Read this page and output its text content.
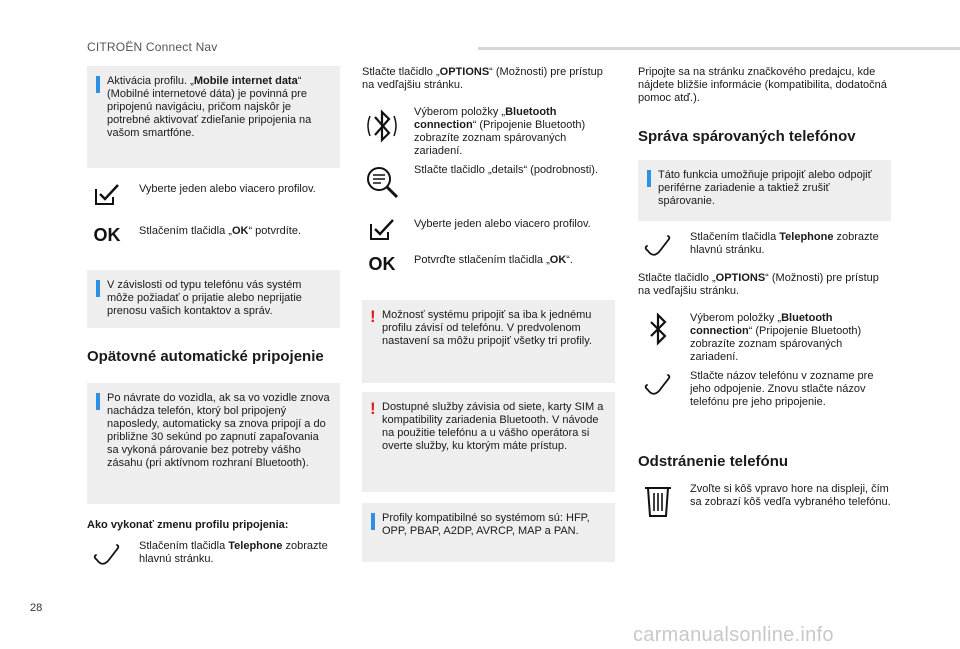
CITROËN Connect Nav
Aktivácia profilu. „Mobile internet data“ (Mobilné internetové dáta) je povinná pre pripojenú navigáciu, pričom najskôr je potrebné aktivovať zdieľanie pripojenia na vašom smartfóne.
Vyberte jeden alebo viacero profilov.
OK Stlačením tlačidla „OK“ potvrdíte.
V závislosti od typu telefónu vás systém môže požiadať o prijatie alebo neprijatie prenosu vašich kontaktov a správ.
Opätovné automatické pripojenie
Po návrate do vozidla, ak sa vo vozidle znova nachádza telefón, ktorý bol pripojený naposledy, automaticky sa znova pripojí a do približne 30 sekúnd po zapnutí zapaľovania sa vykoná párovanie bez potreby vášho zásahu (pri aktívnom rozhraní Bluetooth).
Ako vykonať zmenu profilu pripojenia:
Stlačením tlačidla Telephone zobrazte hlavnú stránku.
Stlačte tlačidlo „OPTIONS“ (Možnosti) pre prístup na vedľajšiu stránku.
Výberom položky „Bluetooth connection“ (Pripojenie Bluetooth) zobrazíte zoznam spárovaných zariadení.
Stlačte tlačidlo „details“ (podrobnosti).
Vyberte jeden alebo viacero profilov.
OK Potvrďte stlačením tlačidla „OK“.
! Možnosť systému pripojiť sa iba k jednému profilu závisí od telefónu. V predvolenom nastavení sa môžu pripojiť všetky tri profily.
! Dostupné služby závisia od siete, karty SIM a kompatibility zariadenia Bluetooth. V návode na použitie telefónu a u vášho operátora si overte služby, ku ktorým máte prístup.
Profily kompatibilné so systémom sú: HFP, OPP, PBAP, A2DP, AVRCP, MAP a PAN.
Pripojte sa na stránku značkového predajcu, kde nájdete bližšie informácie (kompatibilita, dodatočná pomoc atď.).
Správa spárovaných telefónov
Táto funkcia umožňuje pripojiť alebo odpojiť periférne zariadenie a taktiež zrušiť spárovanie.
Stlačením tlačidla Telephone zobrazte hlavnú stránku.
Stlačte tlačidlo „OPTIONS“ (Možnosti) pre prístup na vedľajšiu stránku.
Výberom položky „Bluetooth connection“ (Pripojenie Bluetooth) zobrazíte zoznam spárovaných zariadení.
Stlačte názov telefónu v zozname pre jeho odpojenie. Znovu stlačte názov telefónu pre jeho pripojenie.
Odstránenie telefónu
Zvoľte si kôš vpravo hore na displeji, čím sa zobrazí kôš vedľa vybraného telefónu.
28
carmanualsonline.info
